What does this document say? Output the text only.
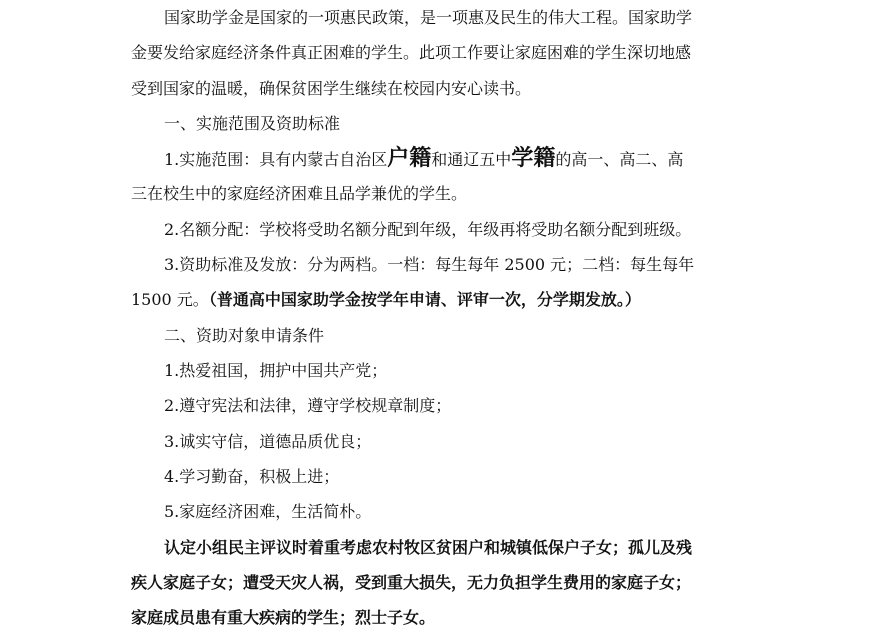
国家助学金是国家的一项惠民政策，是一项惠及民生的伟大工程。国家助学
金要发给家庭经济条件真正困难的学生。此项工作要让家庭困难的学生深切地感
受到国家的温暖，确保贫困学生继续在校园内安心读书。
一、实施范围及资助标准
1.实施范围：具有内蒙古自治区户籍和通辽五中学籍的高一、高二、高
三在校生中的家庭经济困难且品学兼优的学生。
2.名额分配：学校将受助名额分配到年级，年级再将受助名额分配到班级。
3.资助标准及发放：分为两档。一档：每生每年 2500 元；二档：每生每年
1500 元。（普通高中国家助学金按学年申请、评审一次，分学期发放。）
二、资助对象申请条件
1.热爱祖国，拥护中国共产党；
2.遵守宪法和法律，遵守学校规章制度；
3.诚实守信，道德品质优良；
4.学习勤奋，积极上进；
5.家庭经济困难，生活简朴。
认定小组民主评议时着重考虑农村牧区贫困户和城镇低保户子女；孤儿及残
疾人家庭子女；遭受天灾人祸，受到重大损失，无力负担学生费用的家庭子女；
家庭成员患有重大疾病的学生；烈士子女。
